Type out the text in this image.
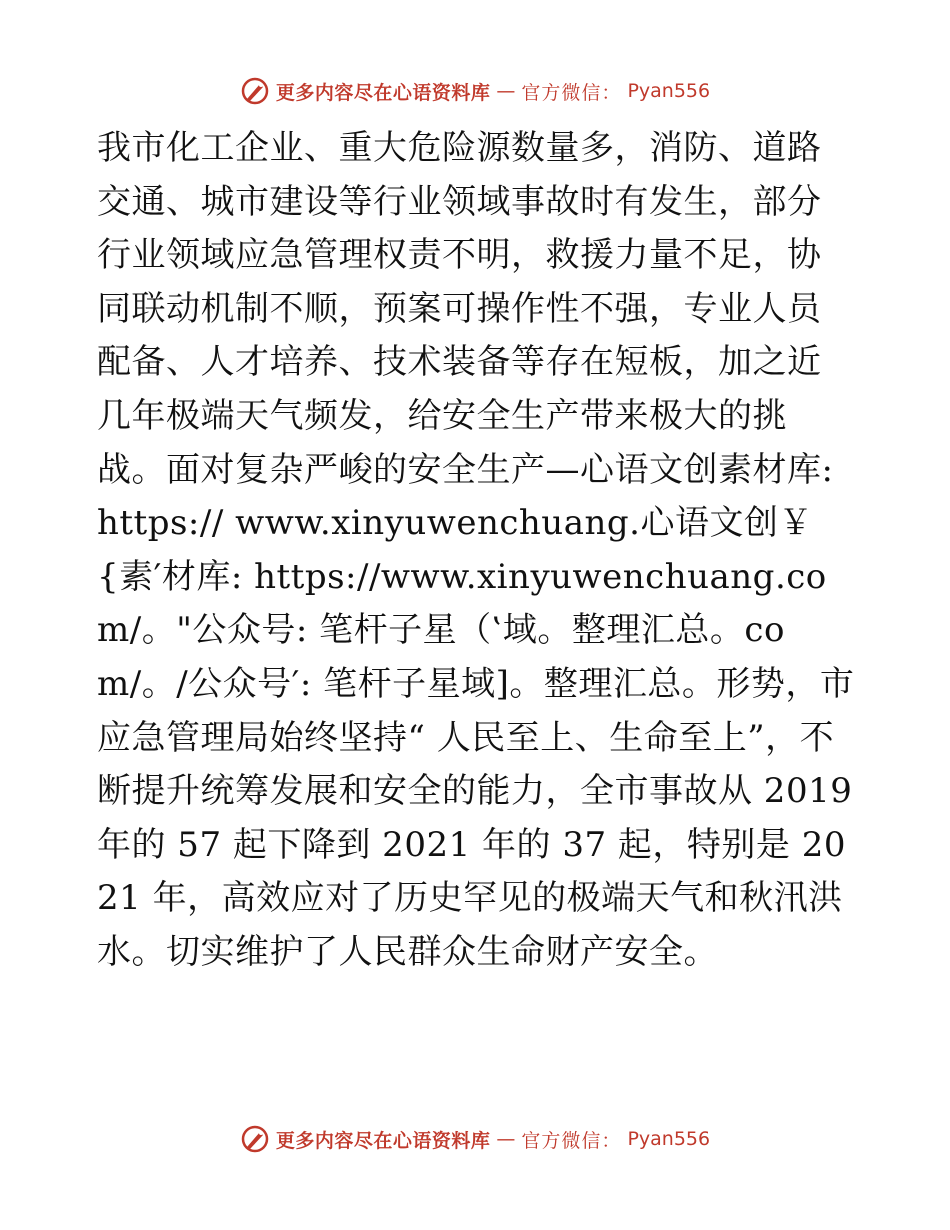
更多内容尽在心语资料库 — 官方微信： Pyan556

我市化工企业、重大危险源数量多，消防、道路交通、城市建设等行业领域事故时有发生，部分行业领域应急管理权责不明，救援力量不足，协同联动机制不顺，预案可操作性不强，专业人员配备、人才培养、技术装备等存在短板，加之近几年极端天气频发，给安全生产带来极大的挑战。面对复杂严峻的安全生产—心语文创素材库: https:// www.xinyuwenchuang.心语文创￥{素′材库: https://www.xinyuwenchuang.com/。"公众号: 笔杆子星（‛域。整理汇总。com/。/公众号′: 笔杆子星域]。整理汇总。形势，市应急管理局始终坚持“ 人民至上、生命至上”，不断提升统筹发展和安全的能力，全市事故从 2019 年的 57 起下降到 2021 年的 37 起，特别是 2021 年，高效应对了历史罕见的极端天气和秋汛洪水。切实维护了人民群众生命财产安全。

更多内容尽在心语资料库 — 官方微信： Pyan556
